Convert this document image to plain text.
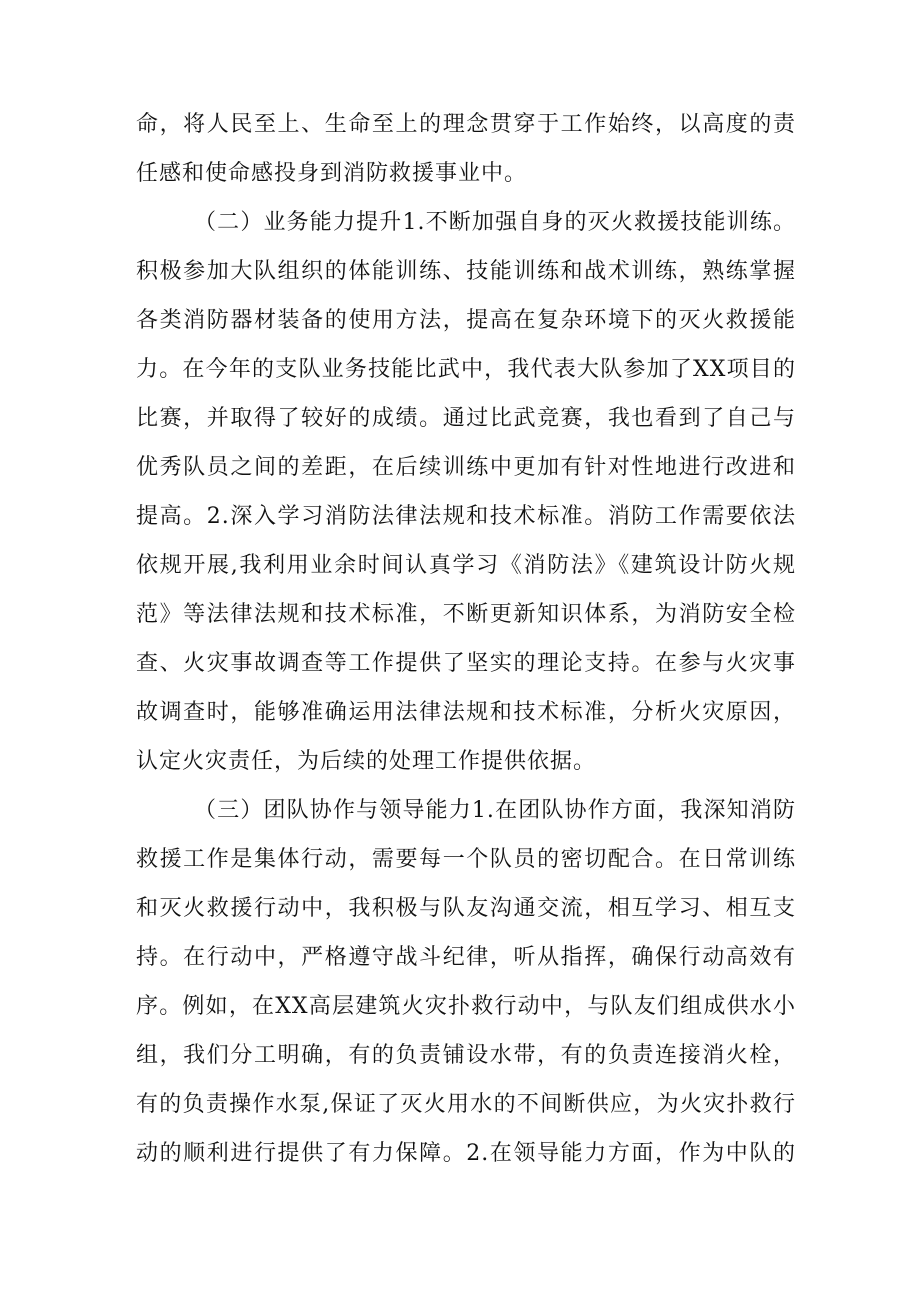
命，将人民至上、生命至上的理念贯穿于工作始终，以高度的责
任感和使命感投身到消防救援事业中。
（二）业务能力提升1.不断加强自身的灭火救援技能训练。
积极参加大队组织的体能训练、技能训练和战术训练，熟练掌握
各类消防器材装备的使用方法，提高在复杂环境下的灭火救援能
力。在今年的支队业务技能比武中，我代表大队参加了XX项目的
比赛，并取得了较好的成绩。通过比武竞赛，我也看到了自己与
优秀队员之间的差距，在后续训练中更加有针对性地进行改进和
提高。2.深入学习消防法律法规和技术标准。消防工作需要依法
依规开展,我利用业余时间认真学习《消防法》《建筑设计防火规
范》等法律法规和技术标准，不断更新知识体系，为消防安全检
查、火灾事故调查等工作提供了坚实的理论支持。在参与火灾事
故调查时，能够准确运用法律法规和技术标准，分析火灾原因，
认定火灾责任，为后续的处理工作提供依据。
（三）团队协作与领导能力1.在团队协作方面，我深知消防
救援工作是集体行动，需要每一个队员的密切配合。在日常训练
和灭火救援行动中，我积极与队友沟通交流，相互学习、相互支
持。在行动中，严格遵守战斗纪律，听从指挥，确保行动高效有
序。例如，在XX高层建筑火灾扑救行动中，与队友们组成供水小
组，我们分工明确，有的负责铺设水带，有的负责连接消火栓，
有的负责操作水泵,保证了灭火用水的不间断供应，为火灾扑救行
动的顺利进行提供了有力保障。2.在领导能力方面，作为中队的
